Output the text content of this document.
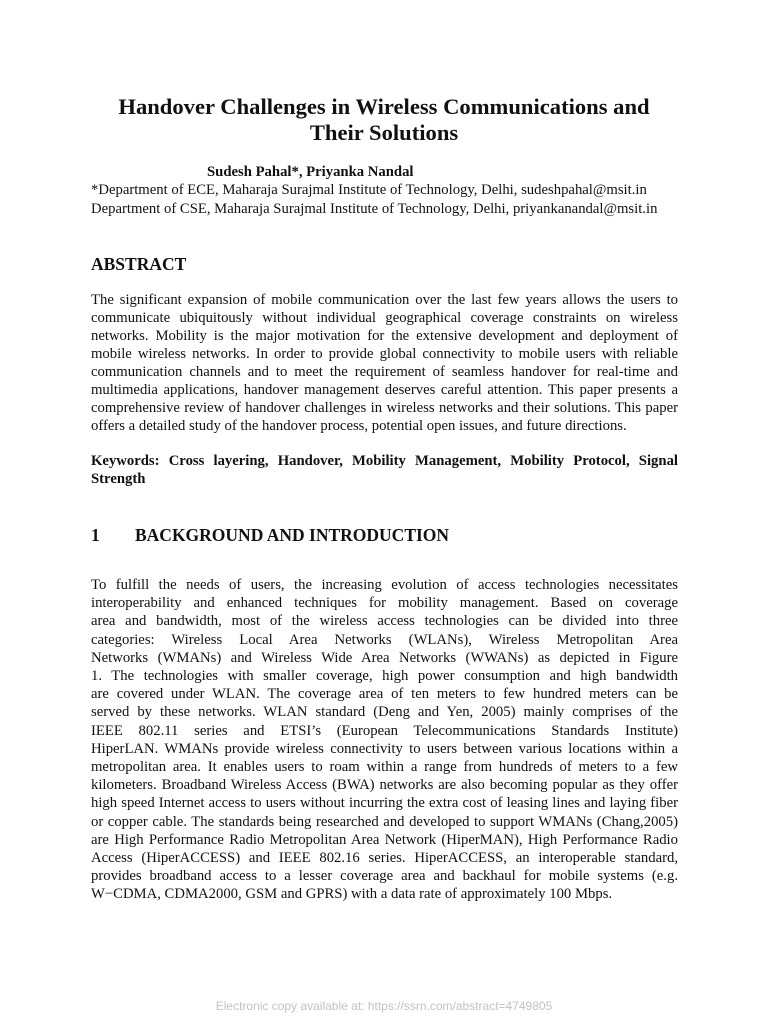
Handover Challenges in Wireless Communications and Their Solutions
Sudesh Pahal*, Priyanka Nandal
*Department of ECE, Maharaja Surajmal Institute of Technology, Delhi, sudeshpahal@msit.in
Department of CSE, Maharaja Surajmal Institute of Technology, Delhi, priyankanandal@msit.in
ABSTRACT
The significant expansion of mobile communication over the last few years allows the users to
communicate ubiquitously without individual geographical coverage constraints on wireless
networks. Mobility is the major motivation for the extensive development and deployment of
mobile wireless networks. In order to provide global connectivity to mobile users with reliable
communication channels and to meet the requirement of seamless handover for real-time and
multimedia applications, handover management deserves careful attention. This paper presents a
comprehensive review of handover challenges in wireless networks and their solutions. This paper
offers a detailed study of the handover process, potential open issues, and future directions.
Keywords: Cross layering, Handover, Mobility Management, Mobility Protocol, Signal Strength
1 BACKGROUND AND INTRODUCTION
To fulfill the needs of users, the increasing evolution of access technologies necessitates
interoperability and enhanced techniques for mobility management. Based on coverage
area and bandwidth, most of the wireless access technologies can be divided into three
categories: Wireless Local Area Networks (WLANs), Wireless Metropolitan Area
Networks (WMANs) and Wireless Wide Area Networks (WWANs) as depicted in Figure
1. The technologies with smaller coverage, high power consumption and high bandwidth
are covered under WLAN. The coverage area of ten meters to few hundred meters can be
served by these networks. WLAN standard (Deng and Yen, 2005) mainly comprises of the
IEEE 802.11 series and ETSI’s (European Telecommunications Standards Institute)
HiperLAN. WMANs provide wireless connectivity to users between various locations within a
metropolitan area. It enables users to roam within a range from hundreds of meters to a few
kilometers. Broadband Wireless Access (BWA) networks are also becoming popular as they offer
high speed Internet access to users without incurring the extra cost of leasing lines and laying fiber
or copper cable. The standards being researched and developed to support WMANs (Chang,2005)
are High Performance Radio Metropolitan Area Network (HiperMAN), High Performance Radio
Access (HiperACCESS) and IEEE 802.16 series. HiperACCESS, an interoperable standard,
provides broadband access to a lesser coverage area and backhaul for mobile systems (e.g.
W−CDMA, CDMA2000, GSM and GPRS) with a data rate of approximately 100 Mbps.
Electronic copy available at: https://ssrn.com/abstract=4749805
